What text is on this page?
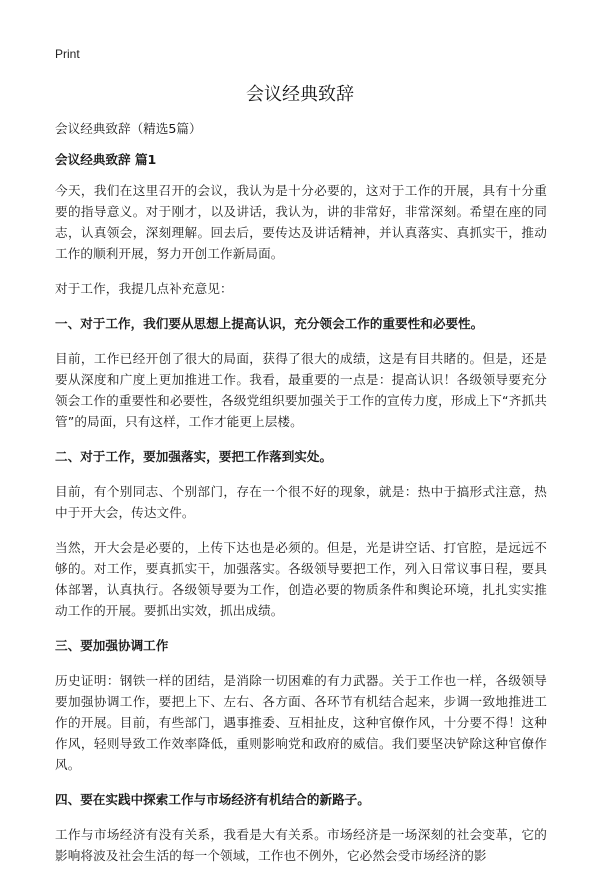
Print
会议经典致辞

会议经典致辞（精选5篇）

会议经典致辞 篇1

今天，我们在这里召开的会议，我认为是十分必要的，这对于工作的开展，具有十分重要的指导意义。对于刚才，以及讲话，我认为，讲的非常好，非常深刻。希望在座的同志，认真领会，深刻理解。回去后，要传达及讲话精神，并认真落实、真抓实干，推动工作的顺利开展，努力开创工作新局面。

对于工作，我提几点补充意见：

一、对于工作，我们要从思想上提高认识，充分领会工作的重要性和必要性。

目前，工作已经开创了很大的局面，获得了很大的成绩，这是有目共睹的。但是，还是要从深度和广度上更加推进工作。我看，最重要的一点是：提高认识！各级领导要充分领会工作的重要性和必要性，各级党组织要加强关于工作的宣传力度，形成上下“齐抓共管”的局面，只有这样，工作才能更上层楼。

二、对于工作，要加强落实，要把工作落到实处。

目前，有个别同志、个别部门，存在一个很不好的现象，就是：热中于搞形式注意，热中于开大会，传达文件。

当然，开大会是必要的，上传下达也是必须的。但是，光是讲空话、打官腔，是远远不够的。对工作，要真抓实干，加强落实。各级领导要把工作，列入日常议事日程，要具体部署，认真执行。各级领导要为工作，创造必要的物质条件和舆论环境，扎扎实实推动工作的开展。要抓出实效，抓出成绩。

三、要加强协调工作

历史证明：钢铁一样的团结，是消除一切困难的有力武器。关于工作也一样，各级领导要加强协调工作，要把上下、左右、各方面、各环节有机结合起来，步调一致地推进工作的开展。目前，有些部门，遇事推委、互相扯皮，这种官僚作风，十分要不得！这种作风，轻则导致工作效率降低，重则影响党和政府的威信。我们要坚决铲除这种官僚作风。

四、要在实践中探索工作与市场经济有机结合的新路子。

工作与市场经济有没有关系，我看是大有关系。市场经济是一场深刻的社会变革，它的影响将波及社会生活的每一个领域，工作也不例外，它必然会受市场经济的影
